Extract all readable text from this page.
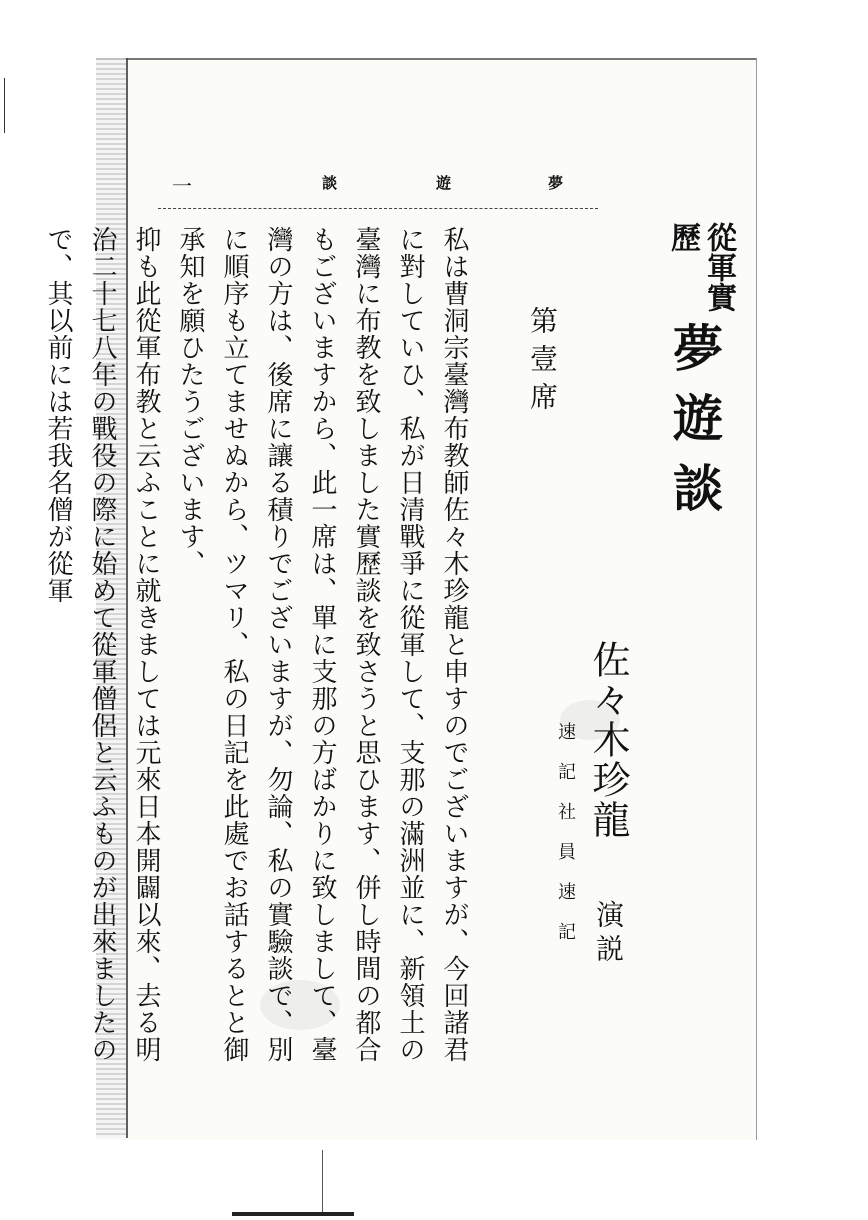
夢
遊
談
一
從軍實歷
夢遊談
第壹席
佐々木珍龍
演説
速記社員速記

私は曹洞宗臺灣布教師佐々木珍龍と申すのでございますが、今回諸君に對していひ、私が日清戰爭に從軍して、支那の滿洲並に、新領土の臺灣に布教を致しました實歷談を致さうと思ひます、併し時間の都合もございますから、此一席は、單に支那の方ばかりに致しまして、臺灣の方は、後席に讓る積りでございますが、勿論、私の實驗談で、別に順序も立てませぬから、ツマリ、私の日記を此處でお話するとと御承知を願ひたうございます、

抑も此從軍布教と云ふことに就きましては元來日本開闢以來、去る明治二十七八年の戰役の際に始めて從軍僧侶と云ふものが出來ましたので、其以前には若我名僧が從軍
